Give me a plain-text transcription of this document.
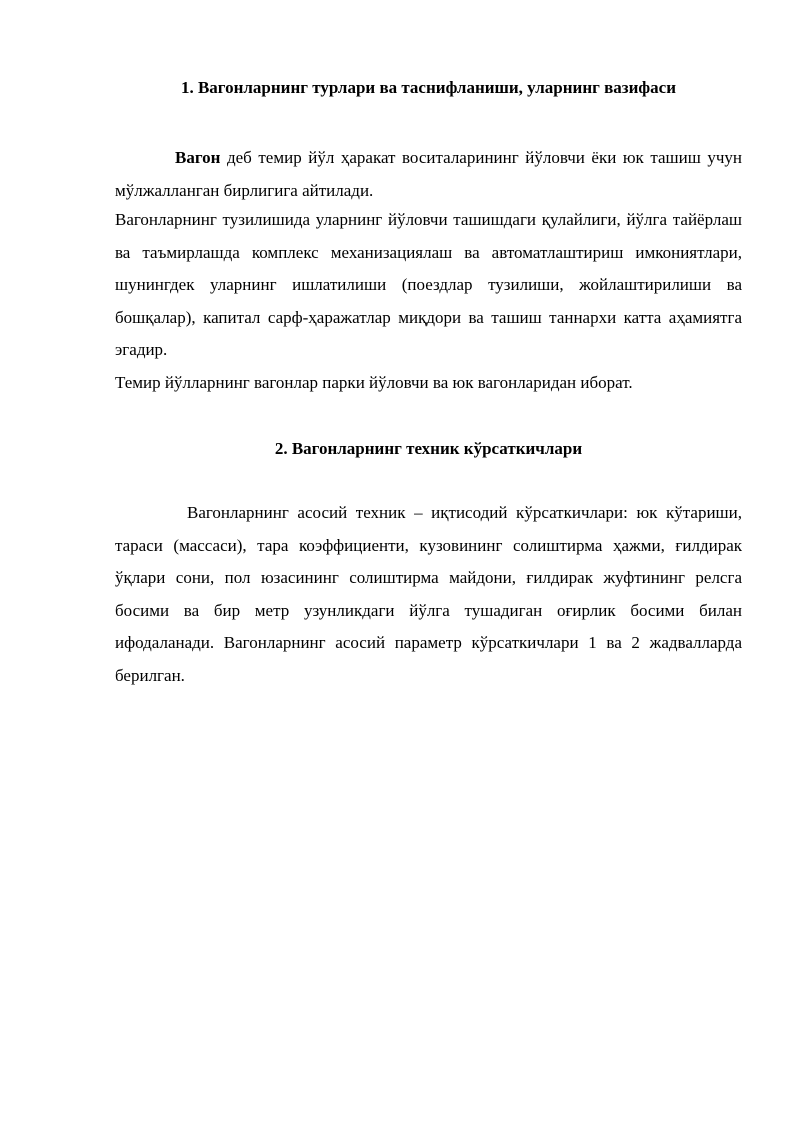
1. Вагонларнинг турлари ва таснифланиши, уларнинг вазифаси

Вагон деб темир йўл ҳаракат воситаларининг йўловчи ёки юк ташиш учун мўлжалланган бирлигига айтилади.

Вагонларнинг тузилишида уларнинг йўловчи ташишдаги қулайлиги, йўлга тайёрлаш ва таъмирлашда комплекс механизациялаш ва автоматлаштириш имкониятлари, шунингдек уларнинг ишлатилиши (поездлар тузилиши, жойлаштирилиши ва бошқалар), капитал сарф-ҳаражатлар миқдори ва ташиш таннархи катта аҳамиятга эгадир.

Темир йўлларнинг вагонлар парки йўловчи ва юк вагонларидан иборат.

2. Вагонларнинг техник кўрсаткичлари

Вагонларнинг асосий техник – иқтисодий кўрсаткичлари: юк кўтариши, тараси (массаси), тара коэффициенти, кузовининг солиштирма ҳажми, ғилдирак ўқлари сони, пол юзасининг солиштирма майдони, ғилдирак жуфтининг релсга босими ва бир метр узунликдаги йўлга тушадиган оғирлик босими билан ифодаланади. Вагонларнинг асосий параметр кўрсаткичлари 1 ва 2 жадвалларда берилган.
